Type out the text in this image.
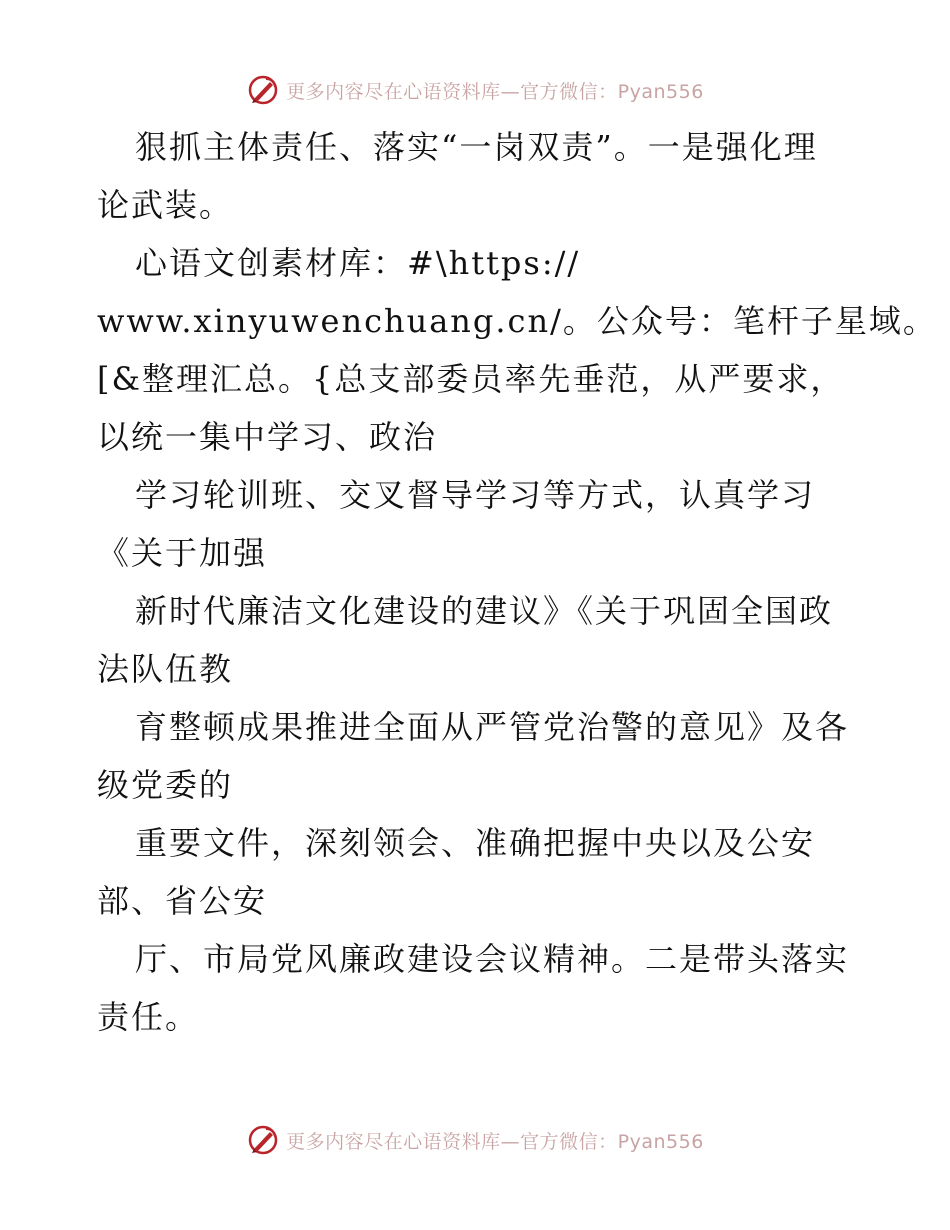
更多内容尽在心语资料库—官方微信：Pyan556
狠抓主体责任、落实“一岗双责”。一是强化理
论武装。
心语文创素材库：#\https://
www.xinyuwenchuang.cn/。公众号：笔杆子星域。
[&整理汇总。{总支部委员率先垂范，从严要求，
以统一集中学习、政治
学习轮训班、交叉督导学习等方式，认真学习
《关于加强
新时代廉洁文化建设的建议》《关于巩固全国政
法队伍教
育整顿成果推进全面从严管党治警的意见》及各
级党委的
重要文件，深刻领会、准确把握中央以及公安
部、省公安
厅、市局党风廉政建设会议精神。二是带头落实
责任。
更多内容尽在心语资料库—官方微信：Pyan556
